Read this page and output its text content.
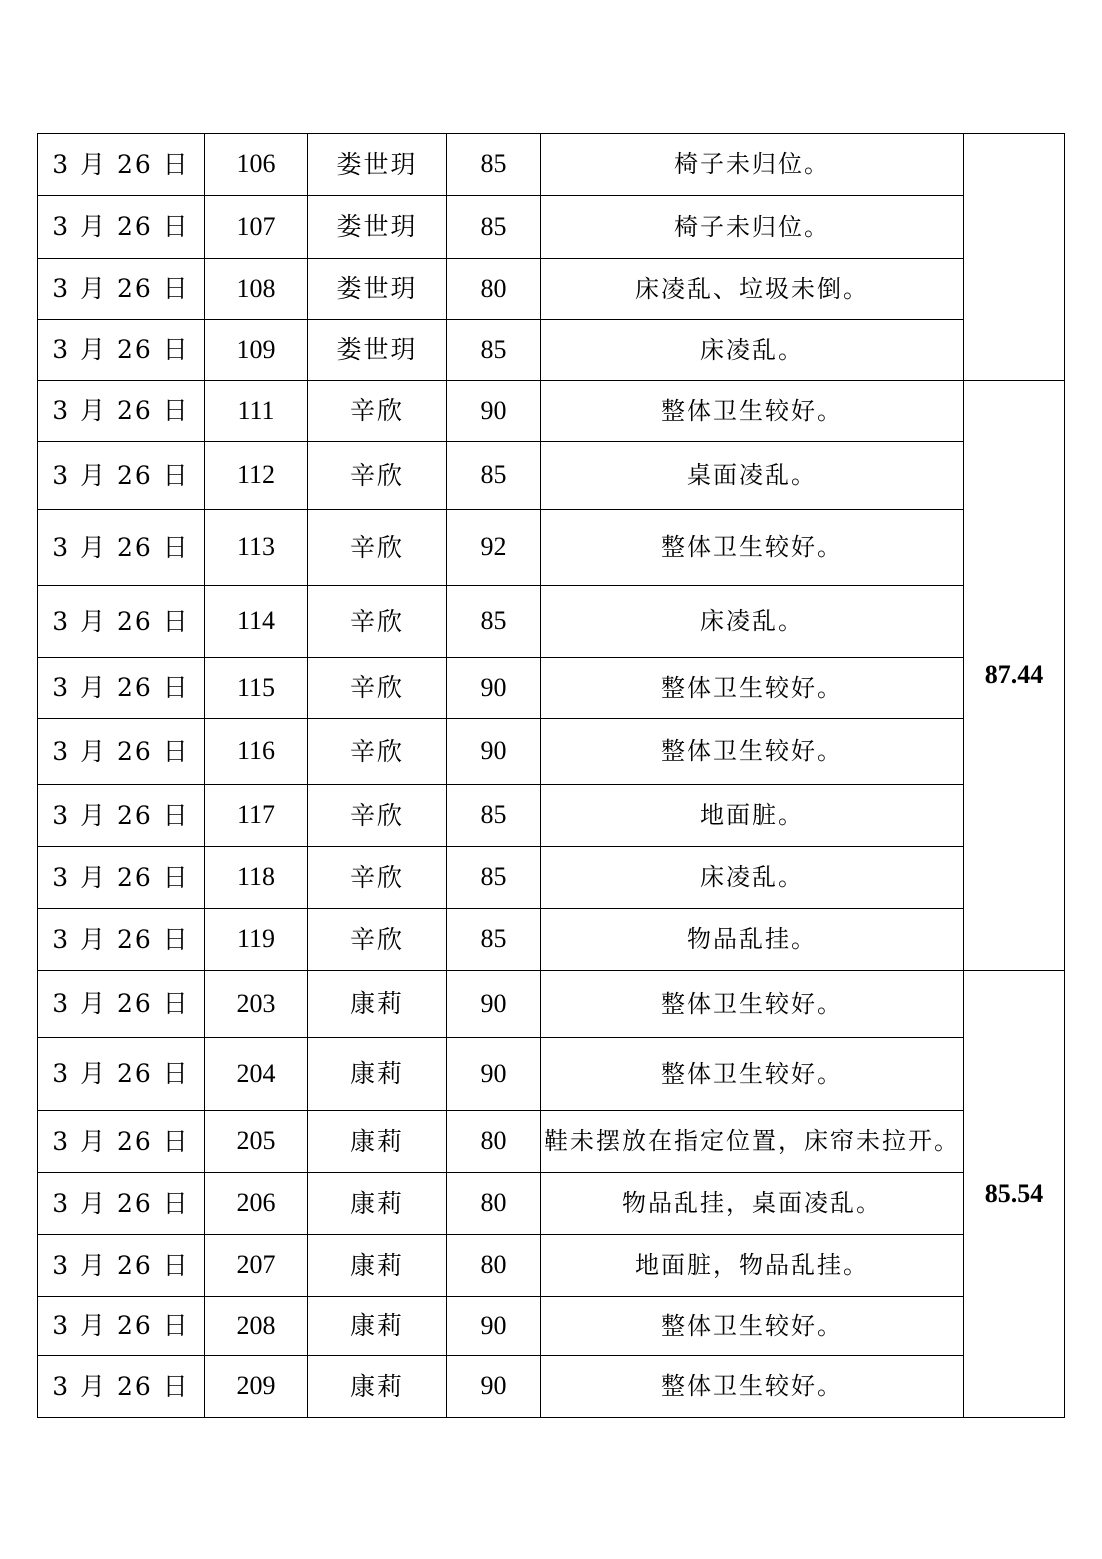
3 月 26 日	106	娄世玥	85	椅子未归位。	
3 月 26 日	107	娄世玥	85	椅子未归位。	
3 月 26 日	108	娄世玥	80	床凌乱、垃圾未倒。	
3 月 26 日	109	娄世玥	85	床凌乱。	
3 月 26 日	111	辛欣	90	整体卫生较好。	87.44
3 月 26 日	112	辛欣	85	桌面凌乱。	
3 月 26 日	113	辛欣	92	整体卫生较好。	
3 月 26 日	114	辛欣	85	床凌乱。	
3 月 26 日	115	辛欣	90	整体卫生较好。	
3 月 26 日	116	辛欣	90	整体卫生较好。	
3 月 26 日	117	辛欣	85	地面脏。	
3 月 26 日	118	辛欣	85	床凌乱。	
3 月 26 日	119	辛欣	85	物品乱挂。	
3 月 26 日	203	康莉	90	整体卫生较好。	85.54
3 月 26 日	204	康莉	90	整体卫生较好。	
3 月 26 日	205	康莉	80	鞋未摆放在指定位置，床帘未拉开。	
3 月 26 日	206	康莉	80	物品乱挂，桌面凌乱。	
3 月 26 日	207	康莉	80	地面脏，物品乱挂。	
3 月 26 日	208	康莉	90	整体卫生较好。	
3 月 26 日	209	康莉	90	整体卫生较好。	
